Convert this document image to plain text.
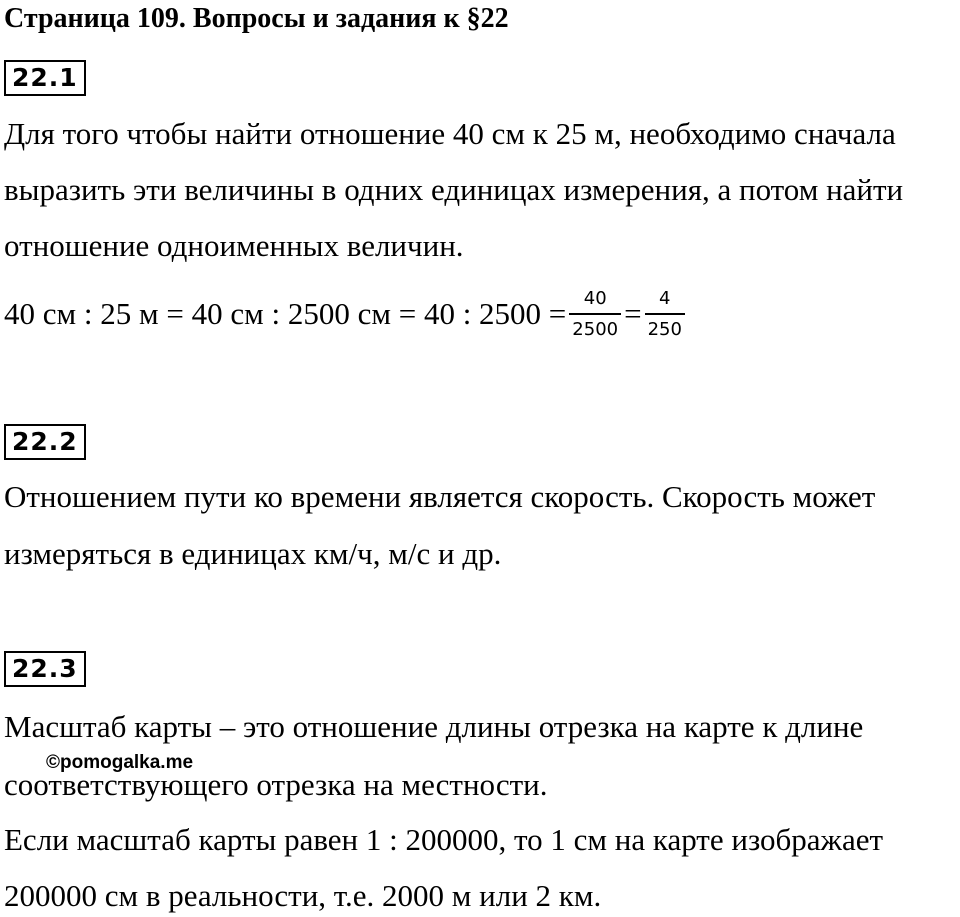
Страница 109. Вопросы и задания к §22
22.1
Для того чтобы найти отношение 40 см к 25 м, необходимо сначала
выразить эти величины в одних единицах измерения, а потом найти
отношение одноименных величин.
40 см : 25 м = 40 см : 2500 см = 40 : $2500 = \frac{40}{2500} = \frac{4}{250}$
22.2
Отношением пути ко времени является скорость. Скорость может
измеряться в единицах км/ч, м/с и др.
22.3
Масштаб карты – это отношение длины отрезка на карте к длине
соответствующего отрезка на местности.
Если масштаб карты равен 1 : 200000, то 1 см на карте изображает
200000 см в реальности, т.е. 2000 м или 2 км.
©pomogalka.me
